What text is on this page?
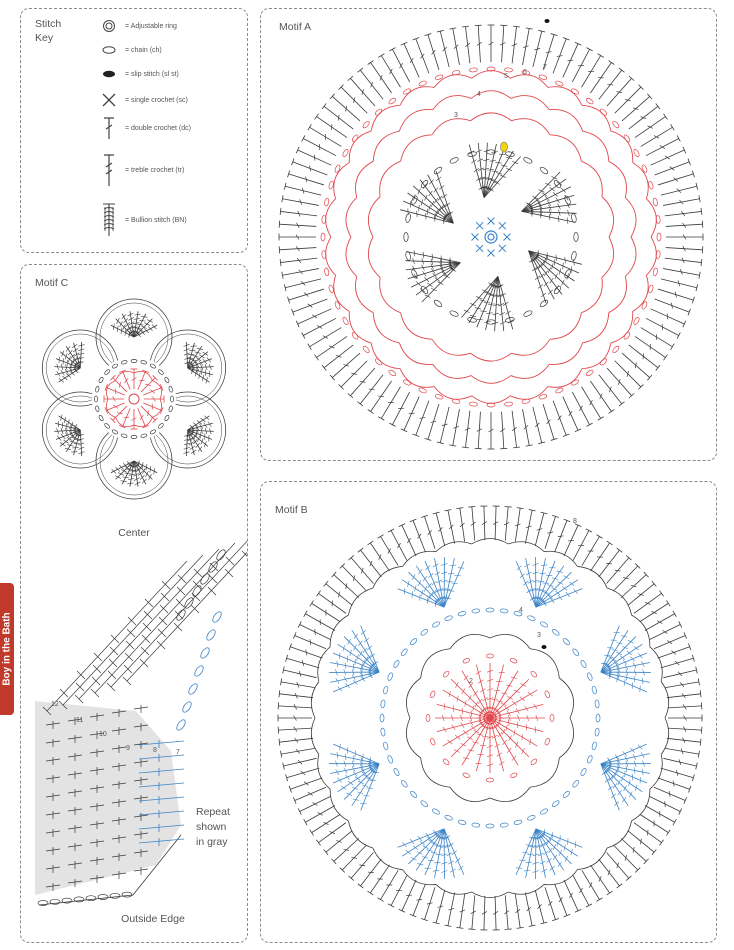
Stitch
Key
= Adjustable ring
= chain (ch)
= slip stitch (sl st)
= single crochet (sc)
= double crochet (dc)
= treble crochet (tr)
= Bullion stitch (BN)
Motif A
3
4
5
6
7
Motif B
2
3
4
8
Motif C
Center
12
11
10
9	8	7
Repeat
shown
in gray
Outside Edge
Boy in the Bath
